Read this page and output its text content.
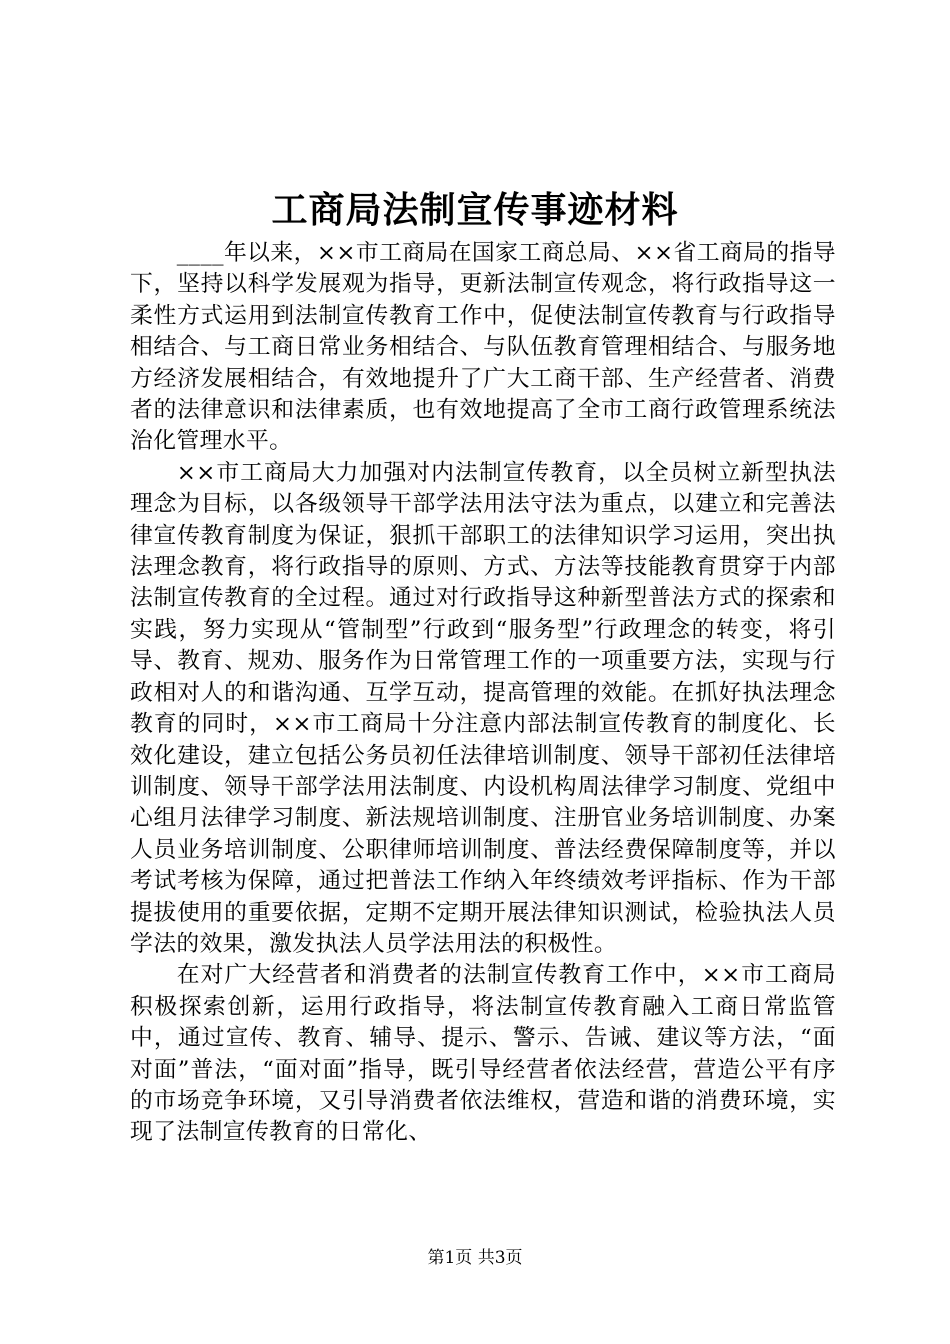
工商局法制宣传事迹材料

____年以来，××市工商局在国家工商总局、××省工商局的指导下，坚持以科学发展观为指导，更新法制宣传观念，将行政指导这一柔性方式运用到法制宣传教育工作中，促使法制宣传教育与行政指导相结合、与工商日常业务相结合、与队伍教育管理相结合、与服务地方经济发展相结合，有效地提升了广大工商干部、生产经营者、消费者的法律意识和法律素质，也有效地提高了全市工商行政管理系统法治化管理水平。

××市工商局大力加强对内法制宣传教育，以全员树立新型执法理念为目标，以各级领导干部学法用法守法为重点，以建立和完善法律宣传教育制度为保证，狠抓干部职工的法律知识学习运用，突出执法理念教育，将行政指导的原则、方式、方法等技能教育贯穿于内部法制宣传教育的全过程。通过对行政指导这种新型普法方式的探索和实践，努力实现从“管制型”行政到“服务型”行政理念的转变，将引导、教育、规劝、服务作为日常管理工作的一项重要方法，实现与行政相对人的和谐沟通、互学互动，提高管理的效能。在抓好执法理念教育的同时，××市工商局十分注意内部法制宣传教育的制度化、长效化建设，建立包括公务员初任法律培训制度、领导干部初任法律培训制度、领导干部学法用法制度、内设机构周法律学习制度、党组中心组月法律学习制度、新法规培训制度、注册官业务培训制度、办案人员业务培训制度、公职律师培训制度、普法经费保障制度等，并以考试考核为保障，通过把普法工作纳入年终绩效考评指标、作为干部提拔使用的重要依据，定期不定期开展法律知识测试，检验执法人员学法的效果，激发执法人员学法用法的积极性。

在对广大经营者和消费者的法制宣传教育工作中，××市工商局积极探索创新，运用行政指导，将法制宣传教育融入工商日常监管中，通过宣传、教育、辅导、提示、警示、告诫、建议等方法，“面对面”普法，“面对面”指导，既引导经营者依法经营，营造公平有序的市场竞争环境，又引导消费者依法维权，营造和谐的消费环境，实现了法制宣传教育的日常化、

第1页 共3页
